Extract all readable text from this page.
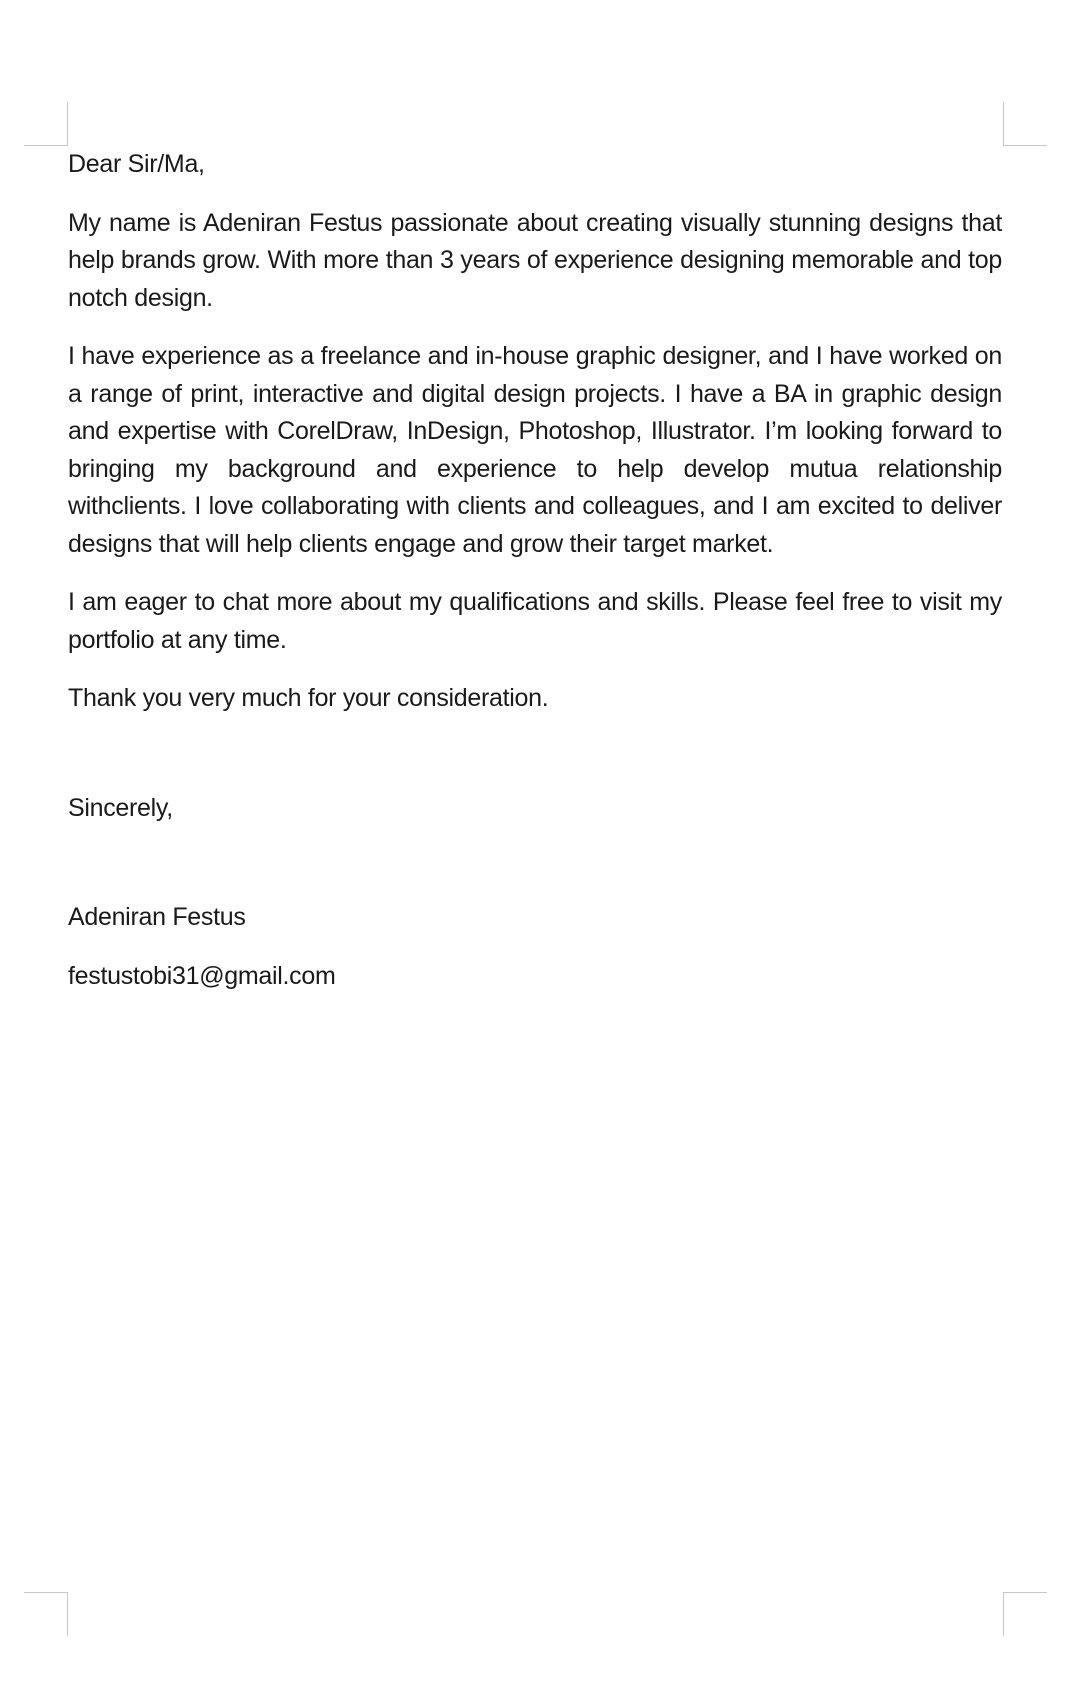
Dear Sir/Ma,

My name is Adeniran Festus passionate about creating visually stunning designs that help brands grow. With more than 3 years of experience designing memorable and top notch design.

I have experience as a freelance and in-house graphic designer, and I have worked on a range of print, interactive and digital design projects. I have a BA in graphic design and expertise with CorelDraw, InDesign, Photoshop, Illustrator. I’m looking forward to bringing my background and experience to help develop mutua relationship withclients. I love collaborating with clients and colleagues, and I am excited to deliver designs that will help clients engage and grow their target market.

I am eager to chat more about my qualifications and skills. Please feel free to visit my portfolio at any time.

Thank you very much for your consideration.

Sincerely,

Adeniran Festus

festustobi31@gmail.com
